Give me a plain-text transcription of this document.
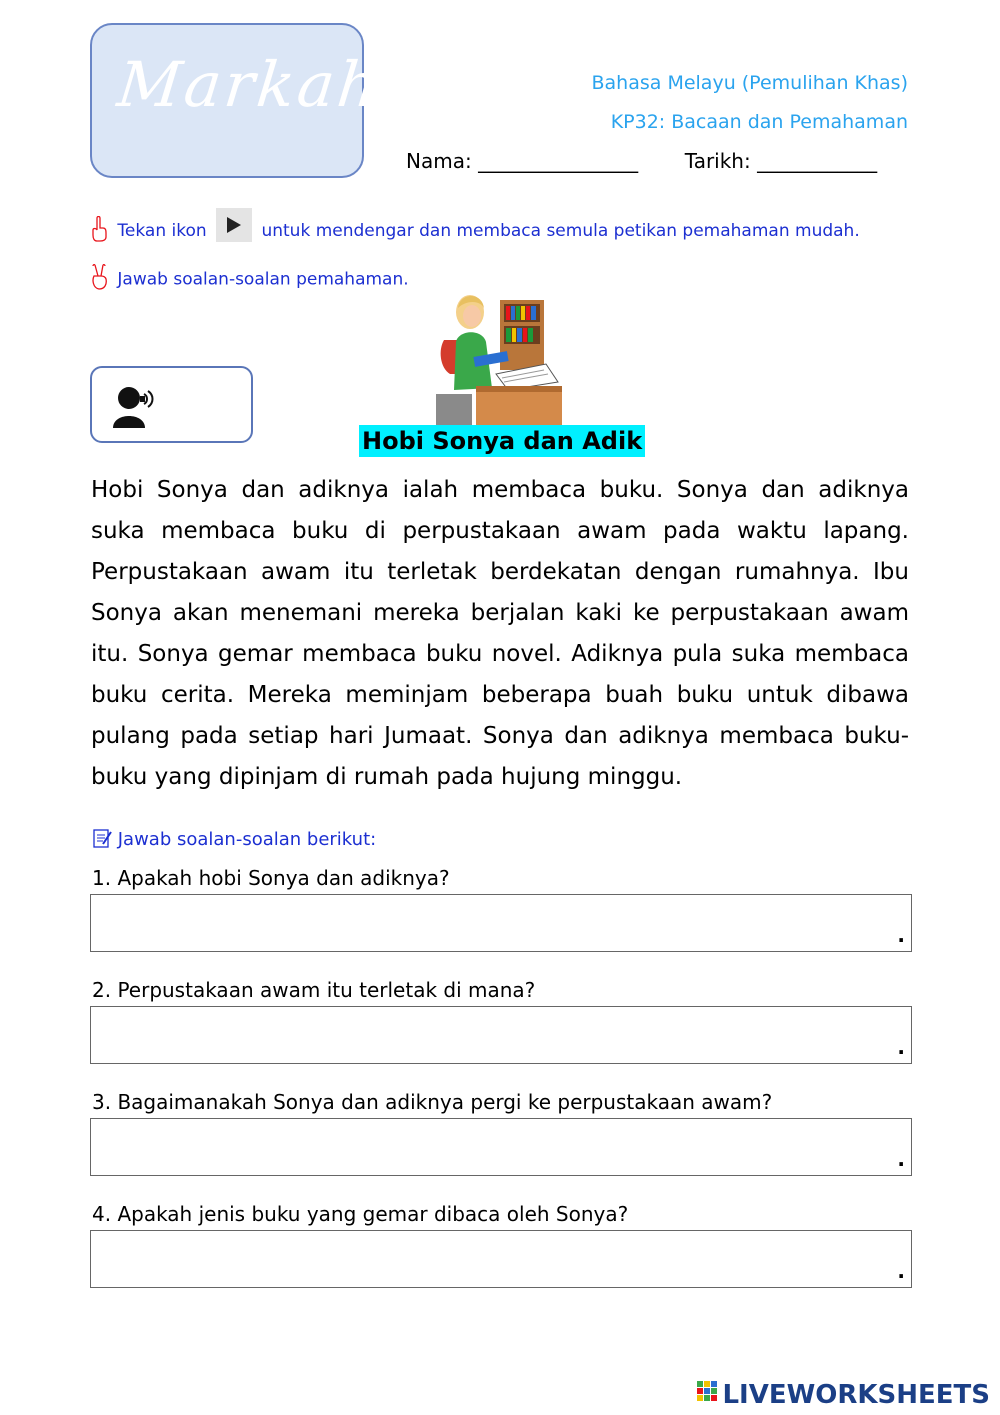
Markah	Bahasa Melayu (Pemulihan Khas)
KP32: Bacaan dan Pemahaman
Nama: ________________ Tarikh: ____________
Tekan ikon	untuk mendengar dan membaca semula petikan pemahaman mudah.
Jawab soalan-soalan pemahaman.
Hobi Sonya dan Adik
Hobi Sonya dan adiknya ialah membaca buku. Sonya dan adiknya
suka membaca buku di perpustakaan awam pada waktu lapang.
Perpustakaan awam itu terletak berdekatan dengan rumahnya. Ibu
Sonya akan menemani mereka berjalan kaki ke perpustakaan awam
itu. Sonya gemar membaca buku novel. Adiknya pula suka membaca
buku cerita. Mereka meminjam beberapa buah buku untuk dibawa
pulang pada setiap hari Jumaat. Sonya dan adiknya membaca buku-
buku yang dipinjam di rumah pada hujung minggu.
Jawab soalan-soalan berikut:
1. Apakah hobi Sonya dan adiknya?
.
2. Perpustakaan awam itu terletak di mana?
.
3. Bagaimanakah Sonya dan adiknya pergi ke perpustakaan awam?
.
4. Apakah jenis buku yang gemar dibaca oleh Sonya?
.
LIVEWORKSHEETS
